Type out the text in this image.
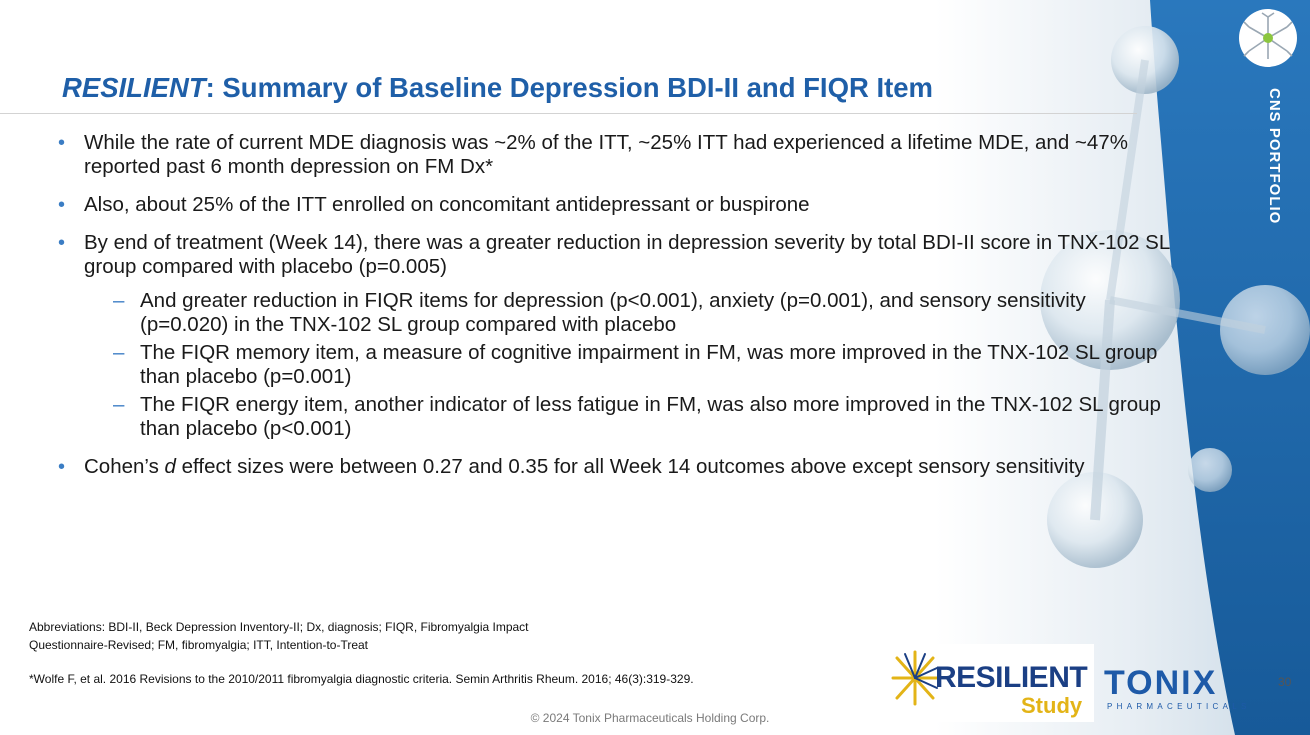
CNS PORTFOLIO
RESILIENT: Summary of Baseline Depression BDI-II and FIQR Item
• While the rate of current MDE diagnosis was ~2% of the ITT, ~25% ITT had experienced a lifetime MDE, and ~47% reported past 6 month depression on FM Dx*
• Also, about 25% of the ITT enrolled on concomitant antidepressant or buspirone
• By end of treatment (Week 14), there was a greater reduction in depression severity by total BDI-II score in TNX-102 SL group compared with placebo (p=0.005)
– And greater reduction in FIQR items for depression (p<0.001), anxiety (p=0.001), and sensory sensitivity (p=0.020) in the TNX-102 SL group compared with placebo
– The FIQR memory item, a measure of cognitive impairment in FM, was more improved in the TNX-102 SL group than placebo (p=0.001)
– The FIQR energy item, another indicator of less fatigue in FM, was also more improved in the TNX-102 SL group than placebo (p<0.001)
• Cohen’s d effect sizes were between 0.27 and 0.35 for all Week 14 outcomes above except sensory sensitivity
Abbreviations: BDI-II, Beck Depression Inventory-II; Dx, diagnosis; FIQR, Fibromyalgia Impact
Questionnaire-Revised; FM, fibromyalgia; ITT, Intention-to-Treat
*Wolfe F, et al. 2016 Revisions to the 2010/2011 fibromyalgia diagnostic criteria. Semin Arthritis Rheum. 2016; 46(3):319-329.
© 2024 Tonix Pharmaceuticals Holding Corp.
30
RESILIENT
Study
TONIX
PHARMACEUTICALS
